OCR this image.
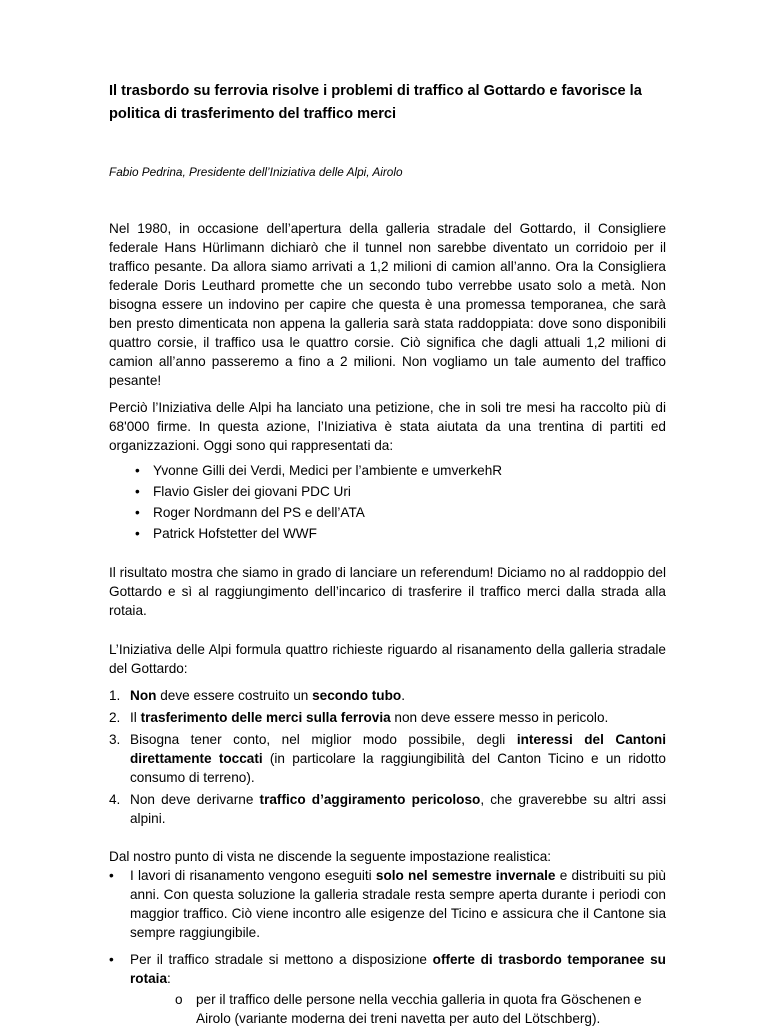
Il trasbordo su ferrovia risolve i problemi di traffico al Gottardo e favorisce la politica di trasferimento del traffico merci
Fabio Pedrina, Presidente dell’Iniziativa delle Alpi, Airolo

Nel 1980, in occasione dell’apertura della galleria stradale del Gottardo, il Consigliere federale Hans Hürlimann dichiarò che il tunnel non sarebbe diventato un corridoio per il traffico pesante. Da allora siamo arrivati a 1,2 milioni di camion all’anno. Ora la Consigliera federale Doris Leuthard promette che un secondo tubo verrebbe usato solo a metà. Non bisogna essere un indovino per capire che questa è una promessa temporanea, che sarà ben presto dimenticata non appena la galleria sarà stata raddoppiata: dove sono disponibili quattro corsie, il traffico usa le quattro corsie. Ciò significa che dagli attuali 1,2 milioni di camion all’anno passeremo a fino a 2 milioni. Non vogliamo un tale aumento del traffico pesante!

Perciò l’Iniziativa delle Alpi ha lanciato una petizione, che in soli tre mesi ha raccolto più di 68'000 firme. In questa azione, l’Iniziativa è stata aiutata da una trentina di partiti ed organizzazioni. Oggi sono qui rappresentati da:

• Yvonne Gilli dei Verdi, Medici per l’ambiente e umverkehR
• Flavio Gisler dei giovani PDC Uri
• Roger Nordmann del PS e dell’ATA
• Patrick Hofstetter del WWF

Il risultato mostra che siamo in grado di lanciare un referendum! Diciamo no al raddoppio del Gottardo e sì al raggiungimento dell’incarico di trasferire il traffico merci dalla strada alla rotaia.

L’Iniziativa delle Alpi formula quattro richieste riguardo al risanamento della galleria stradale del Gottardo:

1. Non deve essere costruito un secondo tubo.
2. Il trasferimento delle merci sulla ferrovia non deve essere messo in pericolo.
3. Bisogna tener conto, nel miglior modo possibile, degli interessi del Cantoni direttamente toccati (in particolare la raggiungibilità del Canton Ticino e un ridotto consumo di terreno).
4. Non deve derivarne traffico d’aggiramento pericoloso, che graverebbe su altri assi alpini.

Dal nostro punto di vista ne discende la seguente impostazione realistica:

• I lavori di risanamento vengono eseguiti solo nel semestre invernale e distribuiti su più anni. Con questa soluzione la galleria stradale resta sempre aperta durante i periodi con maggior traffico. Ciò viene incontro alle esigenze del Ticino e assicura che il Cantone sia sempre raggiungibile.
• Per il traffico stradale si mettono a disposizione offerte di trasbordo temporanee su rotaia:
o per il traffico delle persone nella vecchia galleria in quota fra Göschenen e Airolo (variante moderna dei treni navetta per auto del Lötschberg).
